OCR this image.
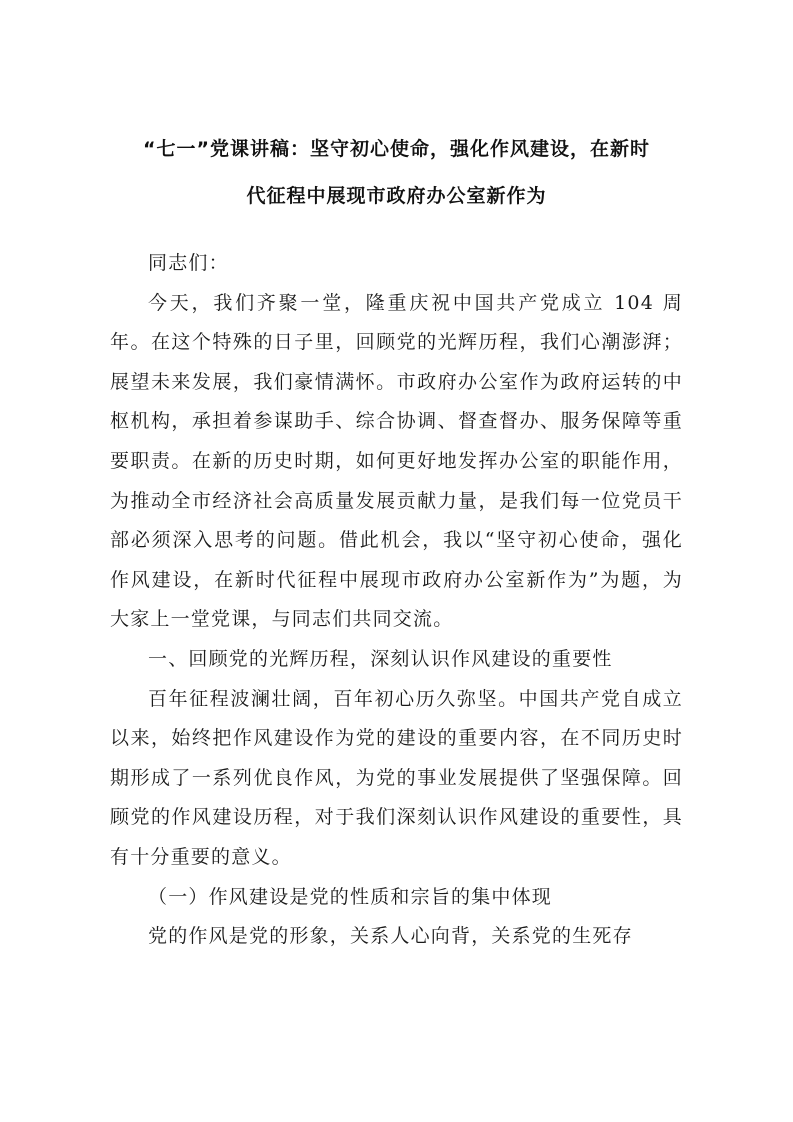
“七一”党课讲稿：坚守初心使命，强化作风建设，在新时
代征程中展现市政府办公室新作为

同志们：

今天，我们齐聚一堂，隆重庆祝中国共产党成立 104 周年。在这个特殊的日子里，回顾党的光辉历程，我们心潮澎湃；展望未来发展，我们豪情满怀。市政府办公室作为政府运转的中枢机构，承担着参谋助手、综合协调、督查督办、服务保障等重要职责。在新的历史时期，如何更好地发挥办公室的职能作用，为推动全市经济社会高质量发展贡献力量，是我们每一位党员干部必须深入思考的问题。借此机会，我以“坚守初心使命，强化作风建设，在新时代征程中展现市政府办公室新作为”为题，为大家上一堂党课，与同志们共同交流。

一、回顾党的光辉历程，深刻认识作风建设的重要性

百年征程波澜壮阔，百年初心历久弥坚。中国共产党自成立以来，始终把作风建设作为党的建设的重要内容，在不同历史时期形成了一系列优良作风，为党的事业发展提供了坚强保障。回顾党的作风建设历程，对于我们深刻认识作风建设的重要性，具有十分重要的意义。

（一）作风建设是党的性质和宗旨的集中体现

党的作风是党的形象，关系人心向背，关系党的生死存
